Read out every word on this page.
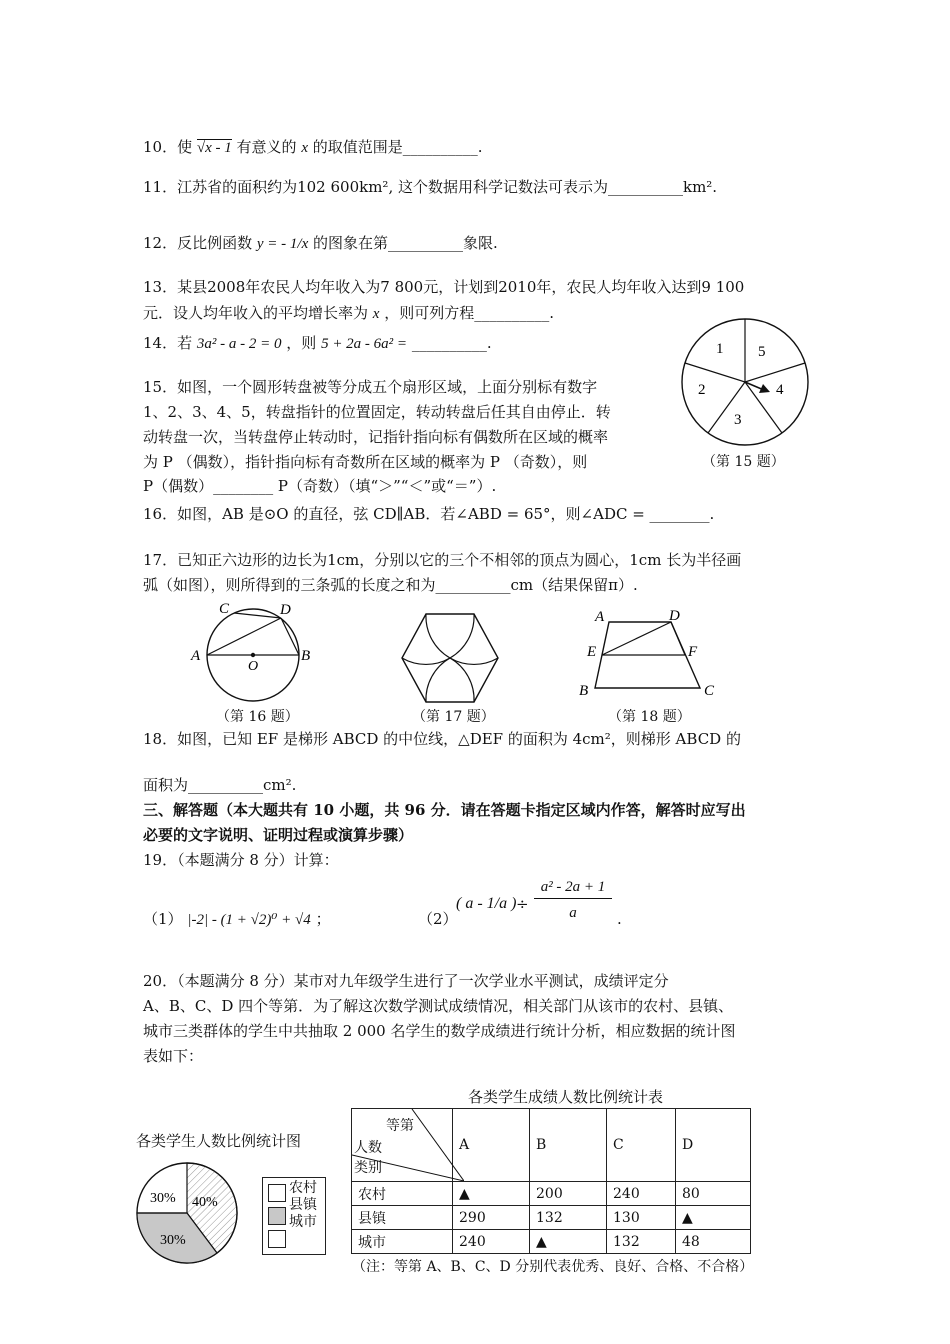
10．使 √x - 1 有意义的 x 的取值范围是__________.
11．江苏省的面积约为102 600km², 这个数据用科学记数法可表示为__________km².
12．反比例函数 y = - 1/x 的图象在第__________象限.
13．某县2008年农民人均年收入为7 800元，计划到2010年，农民人均年收入达到9 100
元．设人均年收入的平均增长率为 x ，则可列方程__________.
14．若 3a² - a - 2 = 0 ，则 5 + 2a - 6a² = __________.
15．如图，一个圆形转盘被等分成五个扇形区域，上面分别标有数字
1、2、3、4、5，转盘指针的位置固定，转动转盘后任其自由停止．转
动转盘一次，当转盘停止转动时，记指针指向标有偶数所在区域的概率
为 P （偶数），指针指向标有奇数所在区域的概率为 P （奇数），则
P（偶数）________ P（奇数）（填“＞”“＜”或“＝”）.
1 5
4
3
2
（第 15 题）
16．如图，AB 是⊙O 的直径，弦 CD∥AB．若∠ABD = 65°，则∠ADC = ________.
17．已知正六边形的边长为1cm，分别以它的三个不相邻的顶点为圆心，1cm 长为半径画
弧（如图），则所得到的三条弧的长度之和为__________cm（结果保留π）.
A	B
C	D
O
（第 16 题）	（第 17 题）
A	D
E	F
B	C
（第 18 题）
18．如图，已知 EF 是梯形 ABCD 的中位线，△DEF 的面积为 4cm²，则梯形 ABCD 的
面积为__________cm².
三、解答题（本大题共有 10 小题，共 96 分．请在答题卡指定区域内作答，解答时应写出
必要的文字说明、证明过程或演算步骤）
19．（本题满分 8 分）计算：
（1） |-2| - (1 + √2)⁰ + √4 ；	（2）
( a - 1/a ) ÷
a² - 2a + 1
a	.
20．（本题满分 8 分）某市对九年级学生进行了一次学业水平测试，成绩评定分
A、B、C、D 四个等第．为了解这次数学测试成绩情况，相关部门从该市的农村、县镇、
城市三类群体的学生中共抽取 2 000 名学生的数学成绩进行统计分析，相应数据的统计图
表如下：
各类学生人数比例统计图
40%
30%
30%
农村
县镇
城市
各类学生成绩人数比例统计表
等第
人数
类别	A	B	C	D
农村	▲	200	240	80
县镇	290	132	130	▲
城市	240	▲	132	48
（注：等第 A、B、C、D 分别代表优秀、良好、合格、不合格）
